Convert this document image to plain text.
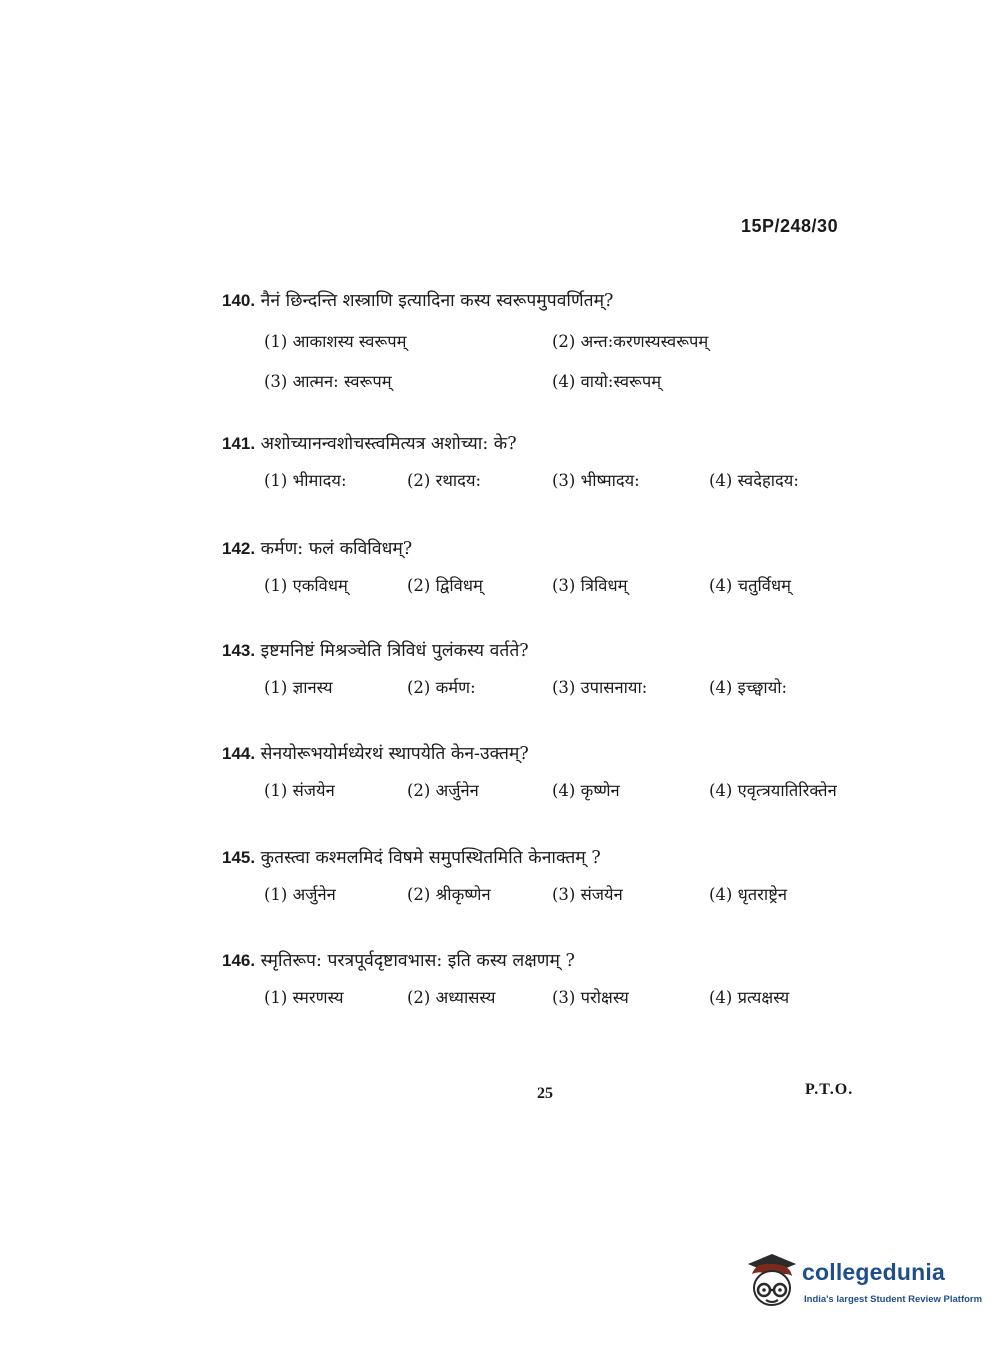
15P/248/30
140. नैनं छिन्दन्ति शस्त्राणि इत्यादिना कस्य स्वरूपमुपवर्णितम्?
(1) आकाशस्य स्वरूपम्	(2) अन्त:करणस्यस्वरूपम्
(3) आत्मन: स्वरूपम्	(4) वायो:स्वरूपम्
141. अशोच्यानन्वशोचस्त्वमित्यत्र अशोच्या: के?
(1) भीमादय:	(2) रथादय:	(3) भीष्मादय:	(4) स्वदेहादय:
142. कर्मण: फलं कविविधम्?
(1) एकविधम्	(2) द्विविधम्	(3) त्रिविधम्	(4) चतुर्विधम्
143. इष्टमनिष्टं मिश्रञ्चेति त्रिविधं पुलंकस्य वर्तते?
(1) ज्ञानस्य	(2) कर्मण:	(3) उपासनाया:	(4) इच्छ्वायो:
144. सेनयोरूभयोर्मध्येरथं स्थापयेति केन-उक्तम्?
(1) संजयेन	(2) अर्जुनेन	(4) कृष्णेन	(4) एवृत्त्रयातिरिक्तेन
145. कुतस्त्वा कश्मलमिदं विषमे समुपस्थितमिति केनाक्तम् ?
(1) अर्जुनेन	(2) श्रीकृष्णेन	(3) संजयेन	(4) धृतराष्ट्रेन
146. स्मृतिरूप: परत्रपूर्वदृष्टावभास: इति कस्य लक्षणम् ?
(1) स्मरणस्य	(2) अध्यासस्य	(3) परोक्षस्य	(4) प्रत्यक्षस्य
25	P.T.O.
collegedunia
India's largest Student Review Platform
